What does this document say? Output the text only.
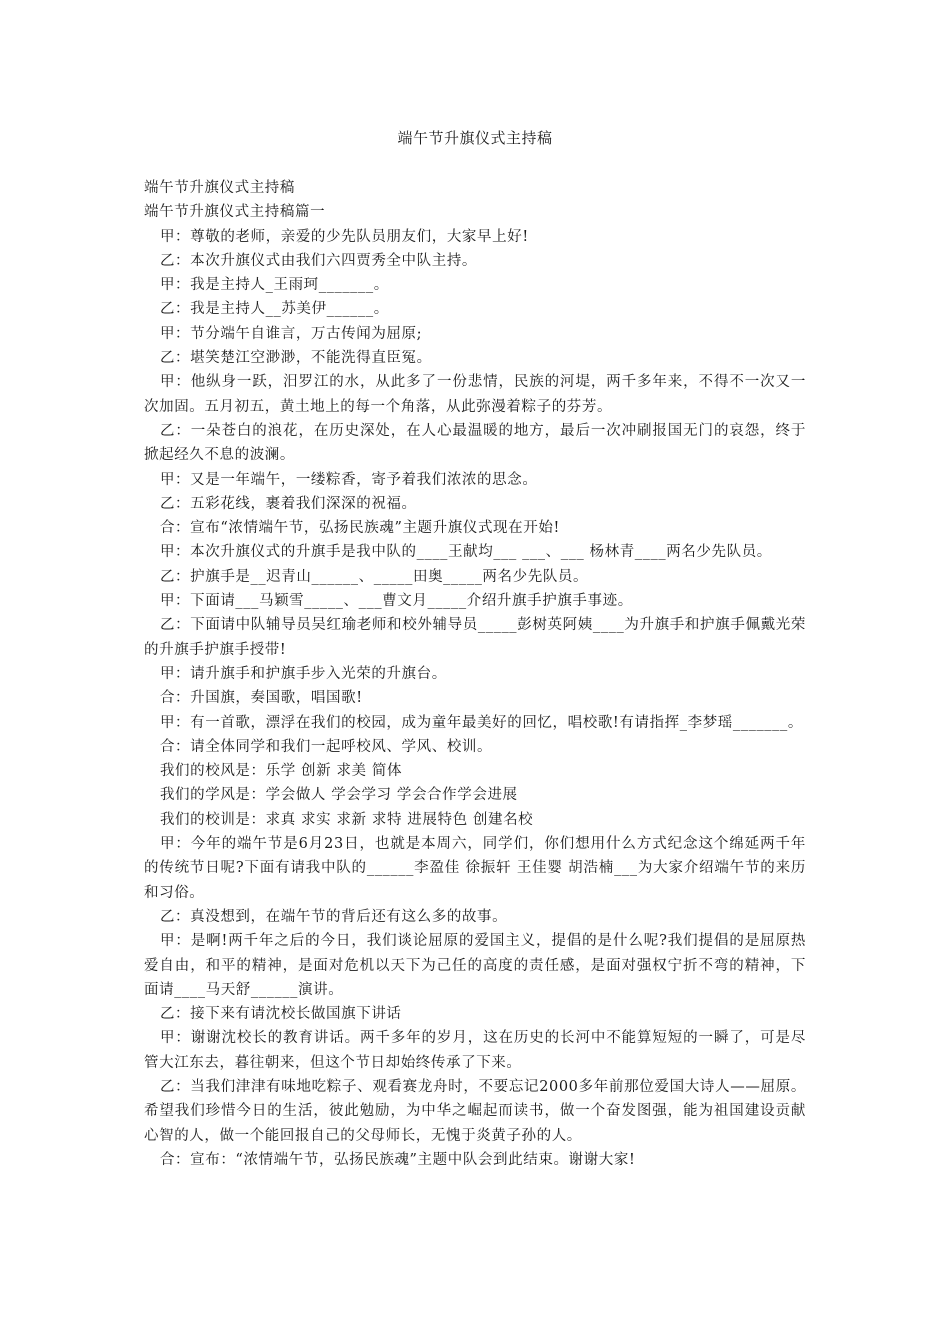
端午节升旗仪式主持稿

端午节升旗仪式主持稿

端午节升旗仪式主持稿篇一

甲：尊敬的老师，亲爱的少先队员朋友们，大家早上好!

乙：本次升旗仪式由我们六四贾秀全中队主持。

甲：我是主持人_王雨珂_______。

乙：我是主持人__苏美伊______。

甲：节分端午自谁言，万古传闻为屈原;

乙：堪笑楚江空渺渺，不能洗得直臣冤。

甲：他纵身一跃，汨罗江的水，从此多了一份悲情，民族的河堤，两千多年来，不得不一次又一次加固。五月初五，黄土地上的每一个角落，从此弥漫着粽子的芬芳。

乙：一朵苍白的浪花，在历史深处，在人心最温暖的地方，最后一次冲刷报国无门的哀怨，终于掀起经久不息的波澜。

甲：又是一年端午，一缕粽香，寄予着我们浓浓的思念。

乙：五彩花线，裹着我们深深的祝福。

合：宣布“浓情端午节，弘扬民族魂”主题升旗仪式现在开始!

甲：本次升旗仪式的升旗手是我中队的____王献均___ ___、___ 杨林青____两名少先队员。

乙：护旗手是__迟青山______、_____田奥_____两名少先队员。

甲：下面请___马颖雪_____、___曹文月_____介绍升旗手护旗手事迹。

乙：下面请中队辅导员吴红瑜老师和校外辅导员_____彭树英阿姨____为升旗手和护旗手佩戴光荣的升旗手护旗手授带!

甲：请升旗手和护旗手步入光荣的升旗台。

合：升国旗，奏国歌，唱国歌!

甲：有一首歌，漂浮在我们的校园，成为童年最美好的回忆，唱校歌!有请指挥_李梦瑶_______。

合：请全体同学和我们一起呼校风、学风、校训。

我们的校风是：乐学 创新 求美 简体

我们的学风是：学会做人 学会学习 学会合作学会进展

我们的校训是：求真 求实 求新 求特 进展特色 创建名校

甲：今年的端午节是6月23日，也就是本周六，同学们，你们想用什么方式纪念这个绵延两千年的传统节日呢?下面有请我中队的______李盈佳 徐振轩 王佳婴 胡浩楠___为大家介绍端午节的来历和习俗。

乙：真没想到，在端午节的背后还有这么多的故事。

甲：是啊!两千年之后的今日，我们谈论屈原的爱国主义，提倡的是什么呢?我们提倡的是屈原热爱自由，和平的精神，是面对危机以天下为己任的高度的责任感，是面对强权宁折不弯的精神，下面请____马天舒______演讲。

乙：接下来有请沈校长做国旗下讲话

甲：谢谢沈校长的教育讲话。两千多年的岁月，这在历史的长河中不能算短短的一瞬了，可是尽管大江东去，暮往朝来，但这个节日却始终传承了下来。

乙：当我们津津有味地吃粽子、观看赛龙舟时，不要忘记2000多年前那位爱国大诗人——屈原。希望我们珍惜今日的生活，彼此勉励，为中华之崛起而读书，做一个奋发图强，能为祖国建设贡献心智的人，做一个能回报自己的父母师长，无愧于炎黄子孙的人。

合：宣布：“浓情端午节，弘扬民族魂”主题中队会到此结束。谢谢大家!
